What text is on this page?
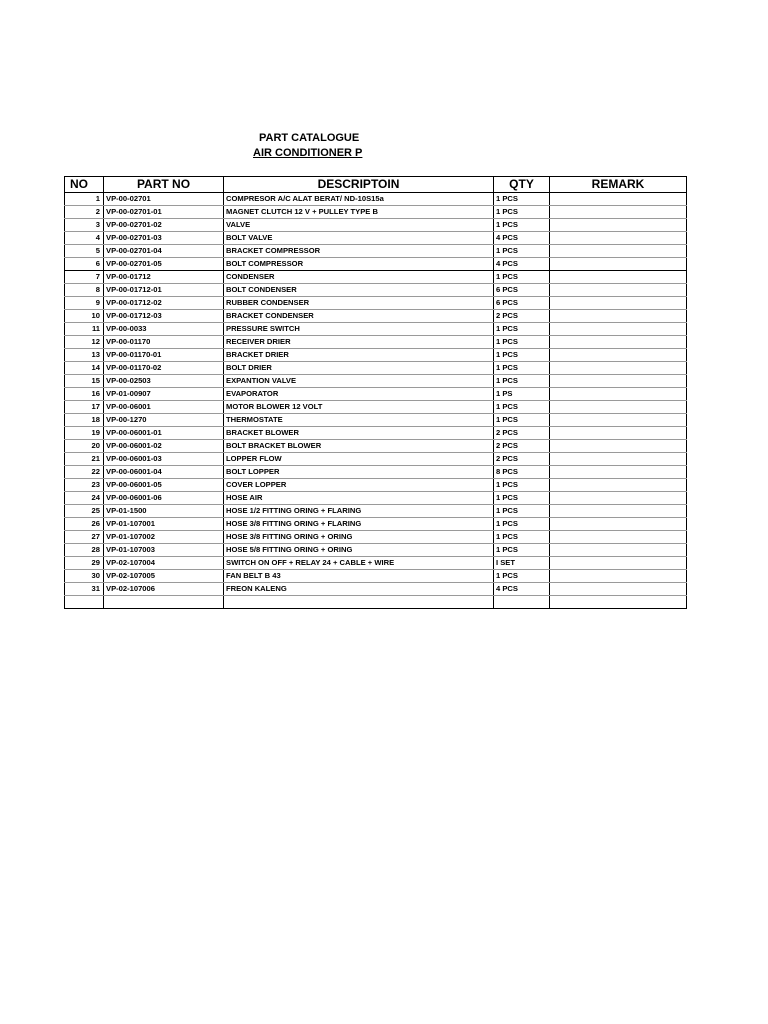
PART CATALOGUE
AIR CONDITIONER P
NO	PART NO	DESCRIPTOIN	QTY	REMARK
1	VP-00-02701	COMPRESOR A/C ALAT BERAT/ ND-10S15a	1 PCS	
2	VP-00-02701-01	MAGNET CLUTCH 12 V + PULLEY TYPE B	1 PCS	
3	VP-00-02701-02	VALVE	1 PCS	
4	VP-00-02701-03	BOLT VALVE	4 PCS	
5	VP-00-02701-04	BRACKET COMPRESSOR	1 PCS	
6	VP-00-02701-05	BOLT COMPRESSOR	4 PCS	
7	VP-00-01712	CONDENSER	1 PCS	
8	VP-00-01712-01	BOLT CONDENSER	6 PCS	
9	VP-00-01712-02	RUBBER CONDENSER	6 PCS	
10	VP-00-01712-03	BRACKET CONDENSER	2 PCS	
11	VP-00-0033	PRESSURE SWITCH	1 PCS	
12	VP-00-01170	RECEIVER DRIER	1 PCS	
13	VP-00-01170-01	BRACKET DRIER	1 PCS	
14	VP-00-01170-02	BOLT DRIER	1 PCS	
15	VP-00-02503	EXPANTION VALVE	1 PCS	
16	VP-01-00907	EVAPORATOR	1 PS	
17	VP-00-06001	MOTOR BLOWER 12 VOLT	1 PCS	
18	VP-00-1270	THERMOSTATE	1 PCS	
19	VP-00-06001-01	BRACKET BLOWER	2 PCS	
20	VP-00-06001-02	BOLT BRACKET BLOWER	2 PCS	
21	VP-00-06001-03	LOPPER FLOW	2 PCS	
22	VP-00-06001-04	BOLT LOPPER	8 PCS	
23	VP-00-06001-05	COVER LOPPER	1 PCS	
24	VP-00-06001-06	HOSE AIR	1 PCS	
25	VP-01-1500	HOSE 1/2 FITTING ORING + FLARING	1 PCS	
26	VP-01-107001	HOSE 3/8 FITTING ORING + FLARING	1 PCS	
27	VP-01-107002	HOSE 3/8 FITTING ORING + ORING	1 PCS	
28	VP-01-107003	HOSE 5/8 FITTING ORING + ORING	1 PCS	
29	VP-02-107004	SWITCH ON OFF + RELAY 24 + CABLE + WIRE	I SET	
30	VP-02-107005	FAN BELT B 43	1 PCS	
31	VP-02-107006	FREON KALENG	4 PCS	
